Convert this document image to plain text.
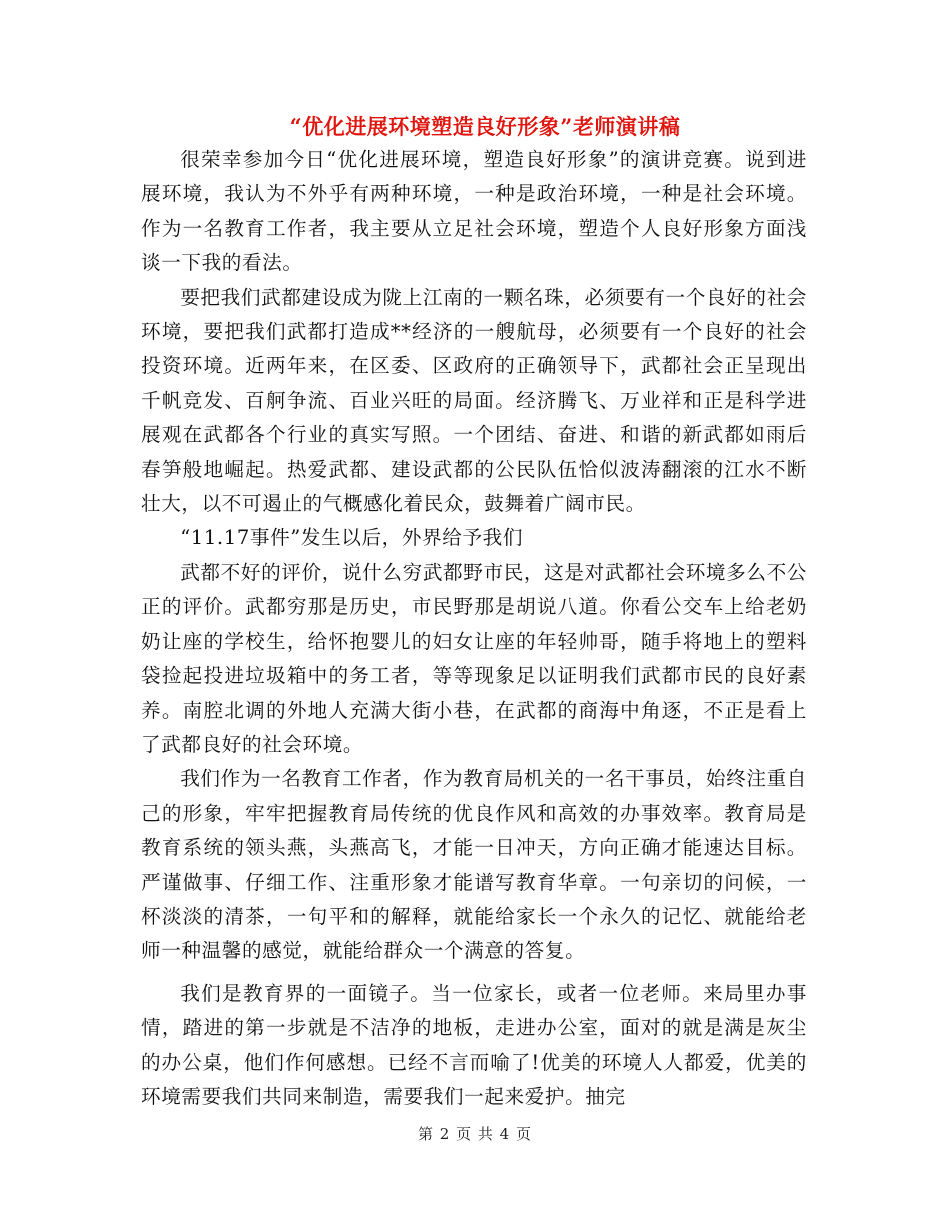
“优化进展环境塑造良好形象”老师演讲稿

很荣幸参加今日“优化进展环境，塑造良好形象”的演讲竞赛。说到进展环境，我认为不外乎有两种环境，一种是政治环境，一种是社会环境。作为一名教育工作者，我主要从立足社会环境，塑造个人良好形象方面浅谈一下我的看法。

要把我们武都建设成为陇上江南的一颗名珠，必须要有一个良好的社会环境，要把我们武都打造成**经济的一艘航母，必须要有一个良好的社会投资环境。近两年来，在区委、区政府的正确领导下，武都社会正呈现出千帆竞发、百舸争流、百业兴旺的局面。经济腾飞、万业祥和正是科学进展观在武都各个行业的真实写照。一个团结、奋进、和谐的新武都如雨后春笋般地崛起。热爱武都、建设武都的公民队伍恰似波涛翻滚的江水不断壮大，以不可遏止的气概感化着民众，鼓舞着广阔市民。

“11.17事件”发生以后，外界给予我们

武都不好的评价，说什么穷武都野市民，这是对武都社会环境多么不公正的评价。武都穷那是历史，市民野那是胡说八道。你看公交车上给老奶奶让座的学校生，给怀抱婴儿的妇女让座的年轻帅哥，随手将地上的塑料袋捡起投进垃圾箱中的务工者，等等现象足以证明我们武都市民的良好素养。南腔北调的外地人充满大街小巷，在武都的商海中角逐，不正是看上了武都良好的社会环境。

我们作为一名教育工作者，作为教育局机关的一名干事员，始终注重自己的形象，牢牢把握教育局传统的优良作风和高效的办事效率。教育局是教育系统的领头燕，头燕高飞，才能一日冲天，方向正确才能速达目标。严谨做事、仔细工作、注重形象才能谱写教育华章。一句亲切的问候，一杯淡淡的清茶，一句平和的解释，就能给家长一个永久的记忆、就能给老师一种温馨的感觉，就能给群众一个满意的答复。

我们是教育界的一面镜子。当一位家长，或者一位老师。来局里办事情，踏进的第一步就是不洁净的地板，走进办公室，面对的就是满是灰尘的办公桌，他们作何感想。已经不言而喻了!优美的环境人人都爱，优美的环境需要我们共同来制造，需要我们一起来爱护。抽完

第 2 页 共 4 页
